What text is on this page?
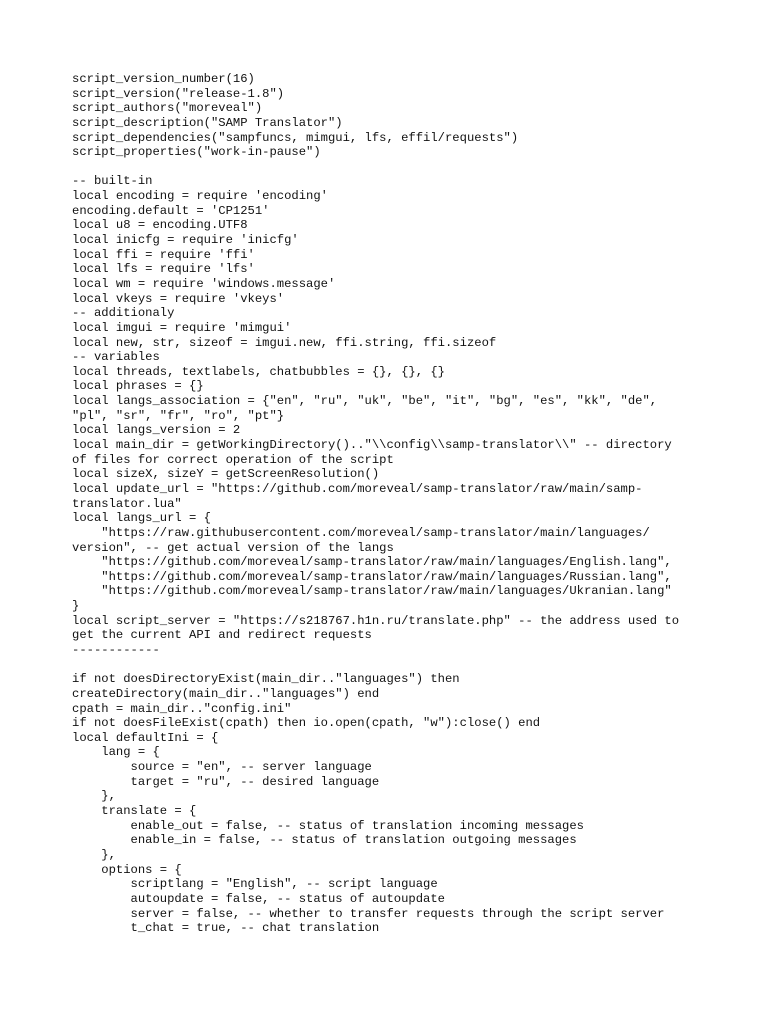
script_version_number(16)
script_version("release-1.8")
script_authors("moreveal")
script_description("SAMP Translator")
script_dependencies("sampfuncs, mimgui, lfs, effil/requests")
script_properties("work-in-pause")
-- built-in
local encoding = require 'encoding'
encoding.default = 'CP1251'
local u8 = encoding.UTF8
local inicfg = require 'inicfg'
local ffi = require 'ffi'
local lfs = require 'lfs'
local wm = require 'windows.message'
local vkeys = require 'vkeys'
-- additionaly
local imgui = require 'mimgui'
local new, str, sizeof = imgui.new, ffi.string, ffi.sizeof
-- variables
local threads, textlabels, chatbubbles = {}, {}, {}
local phrases = {}
local langs_association = {"en", "ru", "uk", "be", "it", "bg", "es", "kk", "de",
"pl", "sr", "fr", "ro", "pt"}
local langs_version = 2
local main_dir = getWorkingDirectory().."\\config\\samp-translator\\" -- directory
of files for correct operation of the script
local sizeX, sizeY = getScreenResolution()
local update_url = "https://github.com/moreveal/samp-translator/raw/main/samp-
translator.lua"
local langs_url = {
"https://raw.githubusercontent.com/moreveal/samp-translator/main/languages/
version", -- get actual version of the langs
"https://github.com/moreveal/samp-translator/raw/main/languages/English.lang",
"https://github.com/moreveal/samp-translator/raw/main/languages/Russian.lang",
"https://github.com/moreveal/samp-translator/raw/main/languages/Ukranian.lang"
}
local script_server = "https://s218767.h1n.ru/translate.php" -- the address used to
get the current API and redirect requests
------------
if not doesDirectoryExist(main_dir.."languages") then
createDirectory(main_dir.."languages") end
cpath = main_dir.."config.ini"
if not doesFileExist(cpath) then io.open(cpath, "w"):close() end
local defaultIni = {
lang = {
source = "en", -- server language
target = "ru", -- desired language
},
translate = {
enable_out = false, -- status of translation incoming messages
enable_in = false, -- status of translation outgoing messages
},
options = {
scriptlang = "English", -- script language
autoupdate = false, -- status of autoupdate
server = false, -- whether to transfer requests through the script server
t_chat = true, -- chat translation
